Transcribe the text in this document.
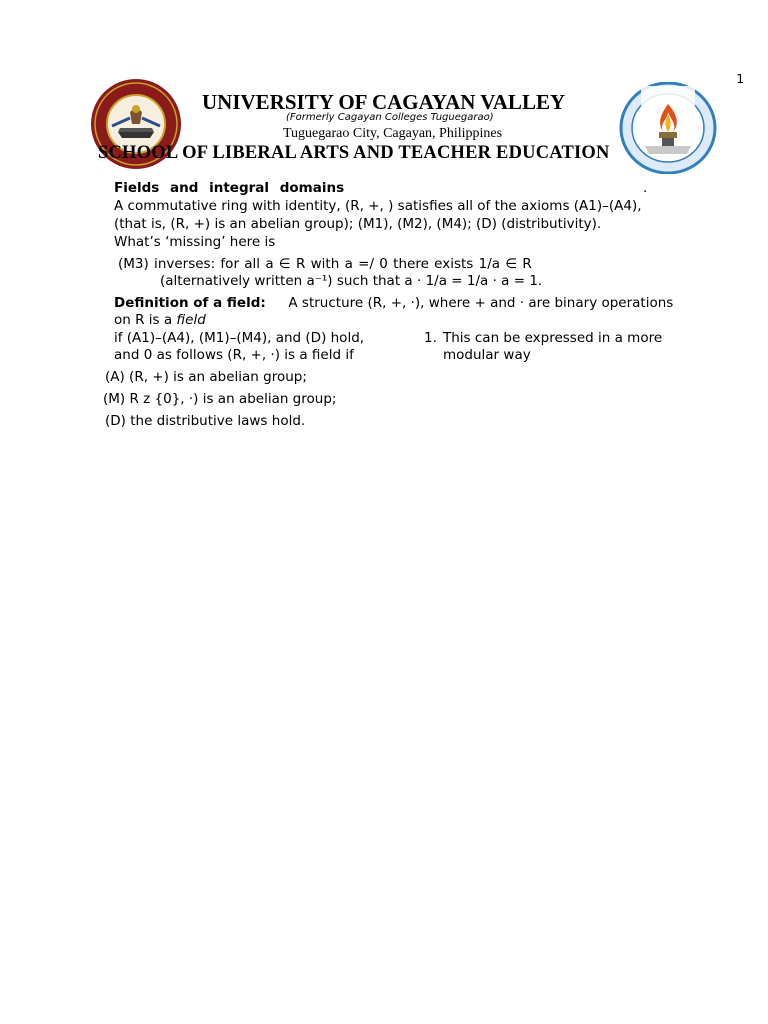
1
UNIVERSITY OF CAGAYAN VALLEY
(Formerly Cagayan Colleges Tuguegarao)
Tuguegarao City, Cagayan, Philippines
SCHOOL OF LIBERAL ARTS AND TEACHER EDUCATION
Fields and integral domains	.
A commutative ring with identity, (R, +, ) satisfies all of the axioms (A1)–(A4),
(that is, (R, +) is an abelian group); (M1), (M2), (M4); (D) (distributivity).
What’s ‘missing’ here is
(M3) inverses: for all a ∈ R with a =/ 0 there exists 1/a ∈ R
(alternatively written a⁻¹) such that a · 1/a = 1/a · a = 1.
Definition of a field: A structure (R, +, ·), where + and · are binary operations
on R is a field
if (A1)–(A4), (M1)–(M4), and (D) hold,
and 0 as follows (R, +, ·) is a field if
1. This can be expressed in a more
modular way
(A) (R, +) is an abelian group;
(M) R z {0}, ·) is an abelian group;
(D) the distributive laws hold.
